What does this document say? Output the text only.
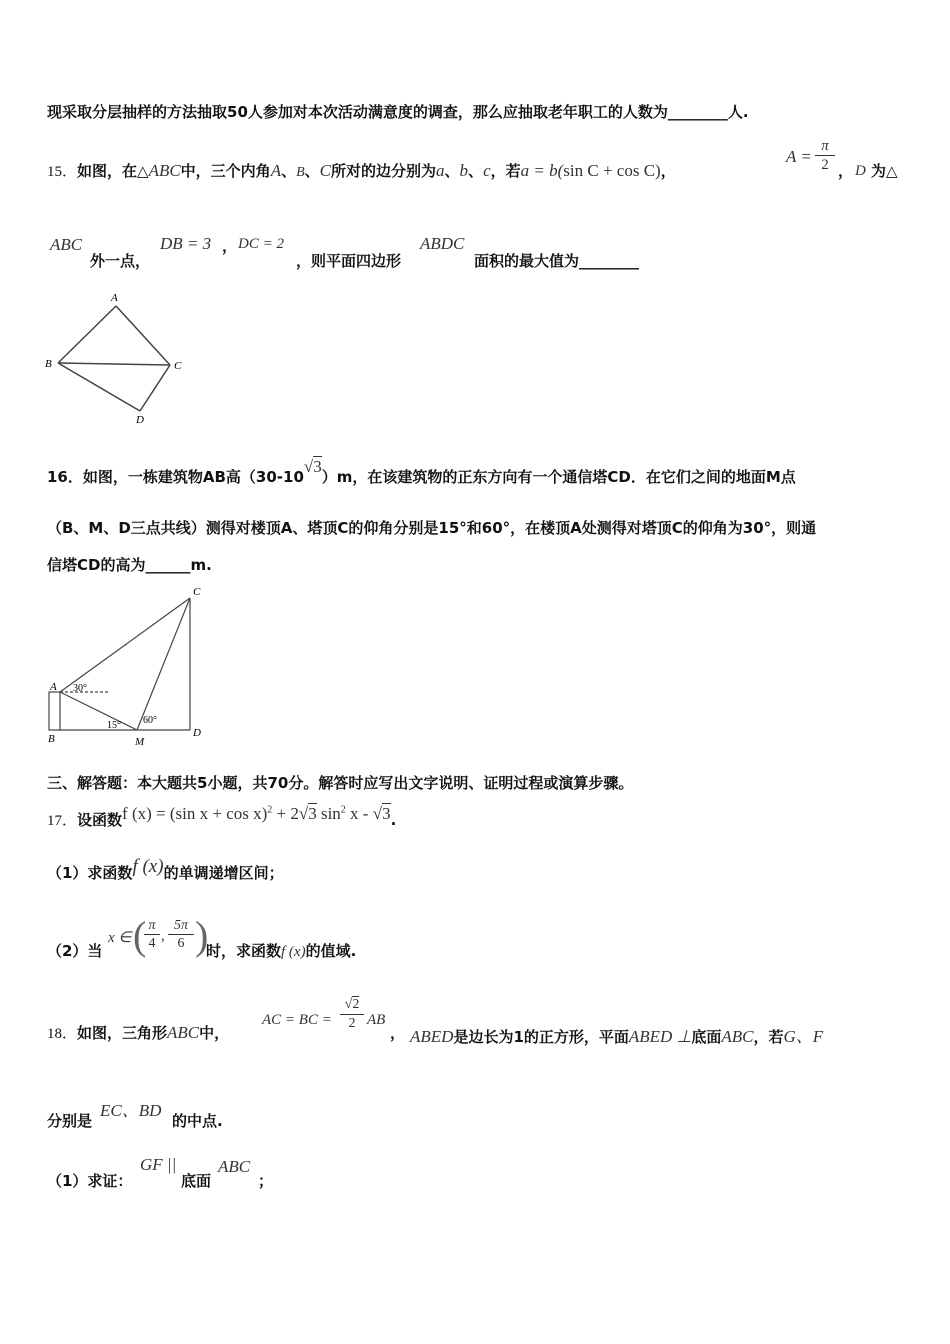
现采取分层抽样的方法抽取50人参加对本次活动满意度的调查，那么应抽取老年职工的人数为________人.
15．如图，在△ABC中，三个内角A、B、C所对的边分别为a、b、c，若a = b(sin C + cos C)，
$A = \frac{\pi}{2}$ ， D 为△
ABC
外一点，
DB = 3 ， DC = 2
，则平面四边形
ABDC
面积的最大值为________
A
B	C
D
16．如图，一栋建筑物AB高（30-10√3）m，在该建筑物的正东方向有一个通信塔CD．在它们之间的地面M点
（B、M、D三点共线）测得对楼顶A、塔顶C的仰角分别是15°和60°，在楼顶A处测得对塔顶C的仰角为30°，则通
信塔CD的高为______m.
C
A
B	M
D
30°
15° 60°
三、解答题：本大题共5小题，共70分。解答时应写出文字说明、证明过程或演算步骤。
17．设函数f (x) = (sin x + cos x)$^2$ + 2√3 $\sin^2 x - √3$.
（1）求函数f (x)的单调递增区间；
（2）当
x ∈ (
$\frac{\pi}{4}$ , $\frac{5\pi}{6}$ )
时，求函数f (x)的值域.
18．如图，三角形ABC中，
AC = BC =
√2
2 AB
， ABED是边长为1的正方形，平面ABED ⊥底面ABC，若G、F
分别是
EC、BD
的中点.
（1）求证：
GF ||
底面
ABC
；
